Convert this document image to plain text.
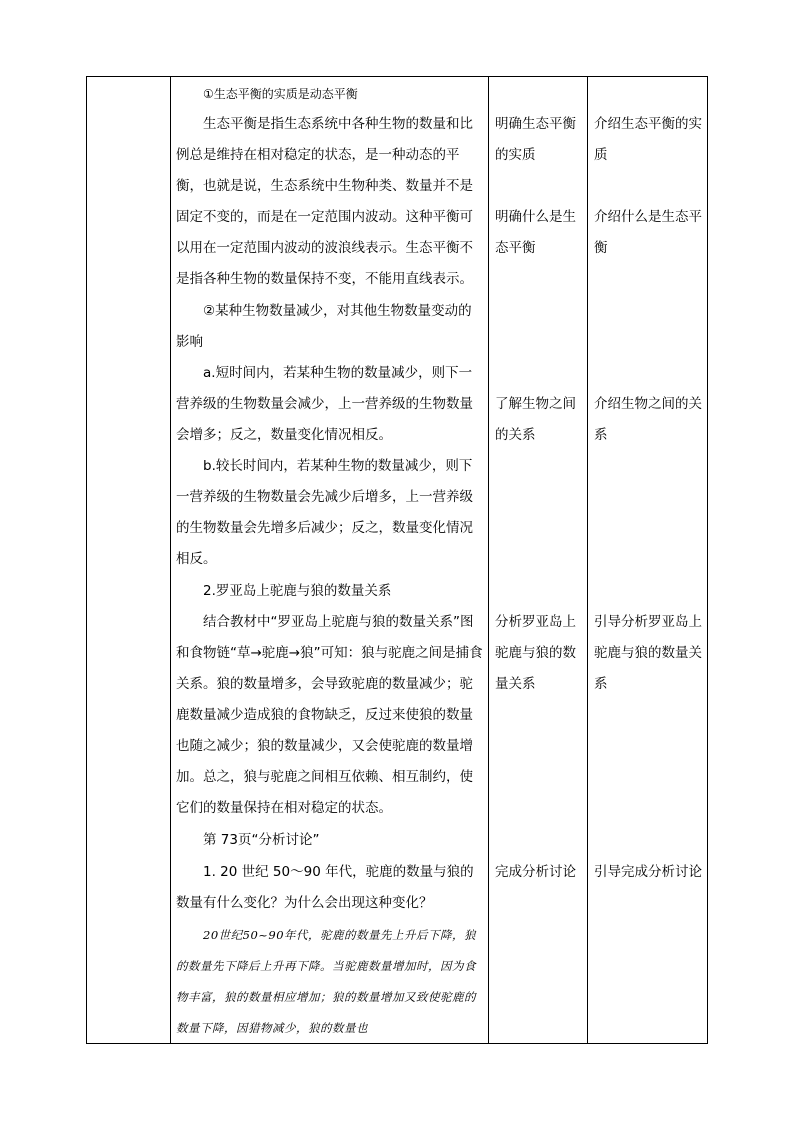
①生态平衡的实质是动态平衡

生态平衡是指生态系统中各种生物的数量和比例总是维持在相对稳定的状态，是一种动态的平衡，也就是说，生态系统中生物种类、数量并不是固定不变的，而是在一定范围内波动。这种平衡可以用在一定范围内波动的波浪线表示。生态平衡不是指各种生物的数量保持不变，不能用直线表示。

②某种生物数量减少，对其他生物数量变动的影响

a.短时间内，若某种生物的数量减少，则下一营养级的生物数量会减少，上一营养级的生物数量会增多；反之，数量变化情况相反。

b.较长时间内，若某种生物的数量减少，则下一营养级的生物数量会先减少后增多，上一营养级的生物数量会先增多后减少；反之，数量变化情况相反。

2.罗亚岛上驼鹿与狼的数量关系

结合教材中“罗亚岛上驼鹿与狼的数量关系”图和食物链“草→驼鹿→狼”可知：狼与驼鹿之间是捕食关系。狼的数量增多，会导致驼鹿的数量减少；驼鹿数量减少造成狼的食物缺乏，反过来使狼的数量也随之减少；狼的数量减少，又会使驼鹿的数量增加。总之，狼与驼鹿之间相互依赖、相互制约，使它们的数量保持在相对稳定的状态。

第 73页“分析讨论”

1. 20 世纪 50～90 年代，驼鹿的数量与狼的数量有什么变化？为什么会出现这种变化？

20世纪50~90年代，驼鹿的数量先上升后下降，狼的数量先下降后上升再下降。当驼鹿数量增加时，因为食物丰富，狼的数量相应增加；狼的数量增加又致使驼鹿的数量下降，因猎物减少，狼的数量也

明确生态平衡的实质

明确什么是生态平衡

了解生物之间的关系

分析罗亚岛上驼鹿与狼的数量关系

完成分析讨论

介绍生态平衡的实质

介绍什么是生态平衡

介绍生物之间的关系

引导分析罗亚岛上驼鹿与狼的数量关系

引导完成分析讨论
